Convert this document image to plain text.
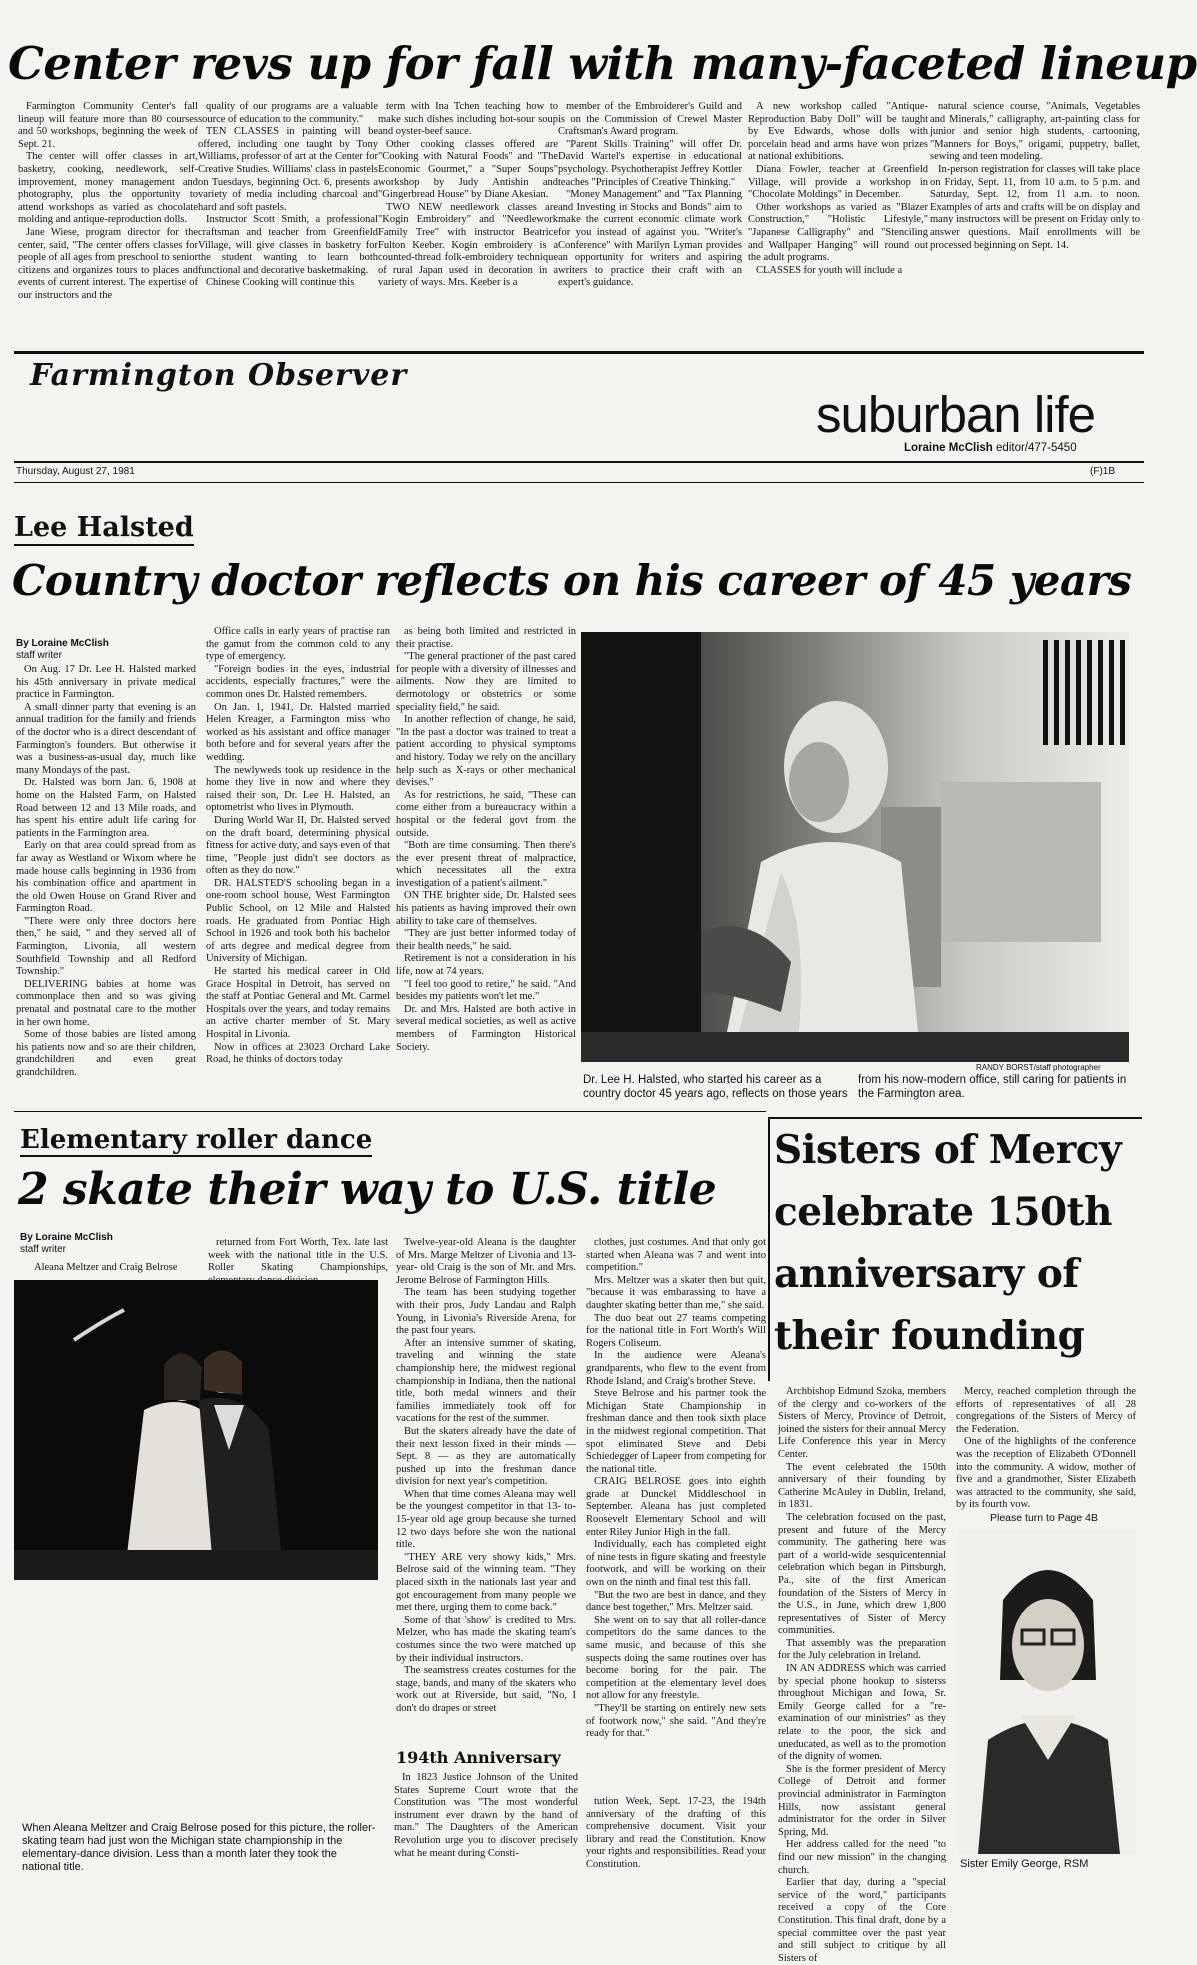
Center revs up for fall with many-faceted lineup

Farmington Community Center's fall lineup will feature more than 80 courses and 50 workshops, beginning the week of Sept. 21.

The center will offer classes in art, basketry, cooking, needlework, self-improvement, money management and photography, plus the opportunity to attend workshops as varied as chocolate molding and antique-reproduction dolls.

Jane Wiese, program director for the center, said, "The center offers classes for people of all ages from preschool to senior citizens and organizes tours to places and events of current interest. The expertise of our instructors and the

quality of our programs are a valuable source of education to the community."

TEN CLASSES in painting will be offered, including one taught by Tony Williams, professor of art at the Center for Creative Studies. Williams' class in pastels on Tuesdays, beginning Oct. 6, presents a variety of media including charcoal and hard and soft pastels.

Instructor Scott Smith, a professional craftsman and teacher from Greenfield Village, will give classes in basketry for the student wanting to learn both functional and decorative basketmaking.

Chinese Cooking will continue this

term with Ina Tchen teaching how to make such dishes including hot-sour soup and oyster-beef sauce.

Other cooking classes offered are "Cooking with Natural Foods" and "The Economic Gourmet," a "Super Soups" workshop by Judy Antishin and "Gingerbread House" by Diane Akesian.

TWO NEW needlework classes are "Kogin Embroidery" and "Needlework Family Tree" with instructor Beatrice Fulton Keeber. Kogin embroidery is a counted-thread folk-embroidery technique of rural Japan used in decoration in a variety of ways. Mrs. Keeber is a

member of the Embroiderer's Guild and is on the Commission of Crewel Master Craftsman's Award program.

"Parent Skills Training" will offer Dr. David Wartel's expertise in educational psychology. Psychotherapist Jeffrey Kottler teaches "Principles of Creative Thinking."

"Money Management" and "Tax Planning and Investing in Stocks and Bonds" aim to make the current economic climate work for you instead of against you. "Writer's Conference" with Marilyn Lyman provides an opportunity for writers and aspiring writers to practice their craft with an expert's guidance.

A new workshop called "Antique-Reproduction Baby Doll" will be taught by Eve Edwards, whose dolls with porcelain head and arms have won prizes at national exhibitions.

Diana Fowler, teacher at Greenfield Village, will provide a workshop in "Chocolate Moldings" in December.

Other workshops as varied as "Blazer Construction," "Holistic Lifestyle," "Japanese Calligraphy" and "Stenciling and Wallpaper Hanging" will round out the adult programs.

CLASSES for youth will include a

natural science course, "Animals, Vegetables and Minerals," calligraphy, art-painting class for junior and senior high students, cartooning, "Manners for Boys," origami, puppetry, ballet, sewing and teen modeling.

In-person registration for classes will take place on Friday, Sept. 11, from 10 a.m. to 5 p.m. and Saturday, Sept. 12, from 11 a.m. to noon. Examples of arts and crafts will be on display and many instructors will be present on Friday only to answer questions. Mail enrollments will be processed beginning on Sept. 14.

Farmington Observer
suburban life
Loraine McClish editor/477-5450
Thursday, August 27, 1981	(F)1B
Lee Halsted
Country doctor reflects on his career of 45 years
By Loraine McClish
staff writer

On Aug. 17 Dr. Lee H. Halsted marked his 45th anniversary in private medical practice in Farmington.

A small dinner party that evening is an annual tradition for the family and friends of the doctor who is a direct descendant of Farmington's founders. But otherwise it was a business-as-usual day, much like many Mondays of the past.

Dr. Halsted was born Jan. 6, 1908 at home on the Halsted Farm, on Halsted Road between 12 and 13 Mile roads, and has spent his entire adult life caring for patients in the Farmington area.

Early on that area could spread from as far away as Westland or Wixom where he made house calls beginning in 1936 from his combination office and apartment in the old Owen House on Grand River and Farmington Road.

"There were only three doctors here then," he said, " and they served all of Farmington, Livonia, all western Southfield Township and all Redford Township."

DELIVERING babies at home was commonplace then and so was giving prenatal and postnatal care to the mother in her own home.

Some of those babies are listed among his patients now and so are their children, grandchildren and even great grandchildren.

Office calls in early years of practise ran the gamut from the common cold to any type of emergency.

"Foreign bodies in the eyes, industrial accidents, especially fractures," were the common ones Dr. Halsted remembers.

On Jan. 1, 1941, Dr. Halsted married Helen Kreager, a Farmington miss who worked as his assistant and office manager both before and for several years after the wedding.

The newlyweds took up residence in the home they live in now and where they raised their son, Dr. Lee H. Halsted, an optometrist who lives in Plymouth.

During World War II, Dr. Halsted served on the draft board, determining physical fitness for active duty, and says even of that time, "People just didn't see doctors as often as they do now."

DR. HALSTED'S schooling began in a one-room school house, West Farmington Public School, on 12 Mile and Halsted roads. He graduated from Pontiac High School in 1926 and took both his bachelor of arts degree and medical degree from University of Michigan.

He started his medical career in Old Grace Hospital in Detroit, has served on the staff at Pontiac General and Mt. Carmel Hospitals over the years, and today remains an active charter member of St. Mary Hospital in Livonia.

Now in offices at 23023 Orchard Lake Road, he thinks of doctors today

as being both limited and restricted in their practise.

"The general practioner of the past cared for people with a diversity of illnesses and ailments. Now they are limited to dermotology or obstetrics or some speciality field," he said.

In another reflection of change, he said, "In the past a doctor was trained to treat a patient according to physical symptoms and history. Today we rely on the ancillary help such as X-rays or other mechanical devises."

As for restrictions, he said, "These can come either from a bureaucracy within a hospital or the federal govt from the outside.

"Both are time consuming. Then there's the ever present threat of malpractice, which necessitates all the extra investigation of a patient's ailment."

ON THE brighter side, Dr. Halsted sees his patients as having improved their own ability to take care of themselves.

"They are just better informed today of their health needs," he said.

Retirement is not a consideration in his life, now at 74 years.

"I feel too good to retire," he said. "And besides my patients won't let me."

Dr. and Mrs. Halsted are both active in several medical societies, as well as active members of Farmington Historical Society.

RANDY BORST/staff photographer
Dr. Lee H. Halsted, who started his career as a country doctor 45 years ago, reflects on those years
from his now-modern office, still caring for patients in the Farmington area.
Elementary roller dance
2 skate their way to U.S. title
By Loraine McClish
staff writer
Aleana Meltzer and Craig Belrose

returned from Fort Worth, Tex. late last week with the national title in the U.S. Roller Skating Championships,

Twelve-year-old Aleana is the daughter of Mrs. Marge Meltzer of Livonia and 13-year- old Craig is the son of Mr. and Mrs. Jerome Belrose of Farmington Hills.

The team has been studying together with their pros, Judy Landau and Ralph Young, in Livonia's Riverside Arena, for the past four years.

After an intensive summer of skating, traveling and winning the state championship here, the midwest regional championship in Indiana, then the national title, both medal winners and their families immediately took off for vacations for the rest of the summer.

But the skaters already have the date of their next lesson fixed in their minds — Sept. 8 — as they are automatically pushed up into the freshman dance division for next year's competition.

When that time comes Aleana may well be the youngest competitor in that 13- to-15-year old age group because she turned 12 two days before she won the national title.

"THEY ARE very showy kids," Mrs. Belrose said of the winning team. "They placed sixth in the nationals last year and got encouragement from many people we met there, urging them to come back."

Some of that 'show' is credited to Mrs. Melzer, who has made the skating team's costumes since the two were matched up by their individual instructors.

The seamstress creates costumes for the stage, bands, and many of the skaters who work out at Riverside, but said, "No, I don't do drapes or street

clothes, just costumes. And that only got started when Aleana was 7 and went into competition."

Mrs. Meltzer was a skater then but quit, "because it was embarassing to have a daughter skating better than me," she said.

The duo beat out 27 teams competing for the national title in Fort Worth's Will Rogers Coliseum.

In the audience were Aleana's grandparents, who flew to the event from Rhode Island, and Craig's brother Steve.

Steve Belrose and his partner took the Michigan State Championship in freshman dance and then took sixth place in the midwest regional competition. That spot eliminated Steve and Debi Schiedegger of Lapeer from competing for the national title.

CRAIG BELROSE goes into eighth grade at Dunckel Middleschool in September. Aleana has just completed Roosevelt Elementary School and will enter Riley Junior High in the fall.

Individually, each has completed eight of nine tests in figure skating and freestyle footwork, and will be working on their own on the ninth and final test this fall.

"But the two are best in dance, and they dance best together," Mrs. Meltzer said.

She went on to say that all roller-dance competitors do the same dances to the same music, and because of this she suspects doing the same routines over has become boring for the pair. The competition at the elementary level does not allow for any freestyle.

"They'll be starting on entirely new sets of footwork now," she said. "And they're ready for that."

When Aleana Meltzer and Craig Belrose posed for this picture, the roller-skating team had just won the Michigan state championship in the elementary-dance division. Less than a month later they took the national title.
194th Anniversary

In 1823 Justice Johnson of the United States Supreme Court wrote that the Constitution was "The most wonderful instrument ever drawn by the hand of man." The Daughters of the American Revolution urge you to discover precisely what he meant during Consti-

tution Week, Sept. 17-23, the 194th anniversary of the drafting of this comprehensive document. Visit your library and read the Constitution. Know your rights and responsibilities. Read your Constitution.

Sisters of Mercy
celebrate 150th
anniversary of
their founding

Archbishop Edmund Szoka, members of the clergy and co-workers of the Sisters of Mercy, Province of Detroit, joined the sisters for their annual Mercy Life Conference this year in Mercy Center.

The event celebrated the 150th anniversary of their founding by Catherine McAuley in Dublin, Ireland, in 1831.

The celebration focused on the past, present and future of the Mercy community. The gathering here was part of a world-wide sesquicentennial celebration which began in Pittsburgh, Pa., site of the first American foundation of the Sisters of Mercy in the U.S., in June, which drew 1,800 representatives of Sister of Mercy communities.

That assembly was the preparation for the July celebration in Ireland.

IN AN ADDRESS which was carried by special phone hookup to sisterss throughout Michigan and Iowa, Sr. Emily George called for a "re-examination of our ministries" as they relate to the poor, the sick and uneducated, as well as to the promotion of the dignity of women.

She is the former president of Mercy College of Detroit and former provincial administrator in Farmington Hills, now assistant general administrator for the order in Silver Spring, Md.

Her address called for the need "to find our new mission" in the changing church.

Earlier that day, during a "special service of the word," participants received a copy of the Core Constitution. This final draft, done by a special committee over the past year and still subject to critique by all Sisters of

Mercy, reached completion through the efforts of representatives of all 28 congregations of the Sisters of Mercy of the Federation.

One of the highlights of the conference was the reception of Elizabeth O'Donnell into the community. A widow, mother of five and a grandmother, Sister Elizabeth was attracted to the community, she said, by its fourth vow.

Please turn to Page 4B
Sister Emily George, RSM
